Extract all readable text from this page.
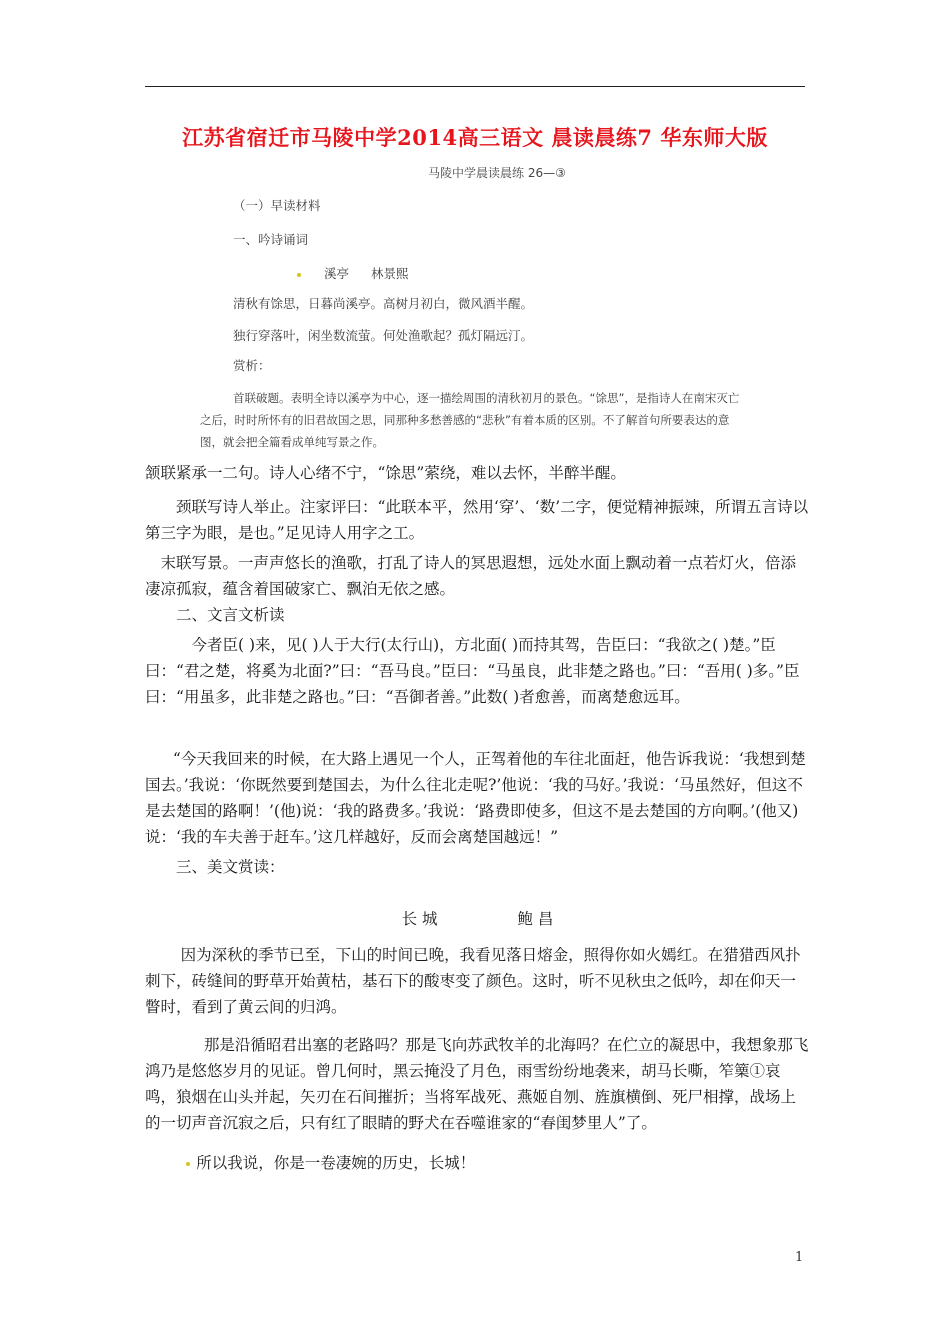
江苏省宿迁市马陵中学2014高三语文 晨读晨练7 华东师大版
马陵中学晨读晨练 26—③
（一）早读材料
一、吟诗诵词
溪亭 林景熙
清秋有馀思，日暮尚溪亭。高树月初白，微风酒半醒。
独行穿落叶，闲坐数流萤。何处渔歌起？孤灯隔远汀。
赏析：
首联破题。表明全诗以溪亭为中心，逐一描绘周围的清秋初月的景色。“馀思”，是指诗人在南宋灭亡
之后，时时所怀有的旧君故国之思，同那种多愁善感的“悲秋”有着本质的区别。不了解首句所要表达的意
图，就会把全篇看成单纯写景之作。

颔联紧承一二句。诗人心绪不宁，“馀思”萦绕，难以去怀，半醉半醒。

颈联写诗人举止。注家评曰：“此联本平，然用‘穿’、‘数’二字，便觉精神振竦，所谓五言诗以第三字为眼，是也。”足见诗人用字之工。

末联写景。一声声悠长的渔歌，打乱了诗人的冥思遐想，远处水面上飘动着一点若灯火，倍添凄凉孤寂，蕴含着国破家亡、飘泊无依之感。

二、文言文析读

今者臣( )来，见( )人于大行(太行山)，方北面( )而持其驾，告臣曰：“我欲之( )楚。”臣曰：“君之楚，将奚为北面?”曰：“吾马良。”臣曰：“马虽良，此非楚之路也。”曰：“吾用( )多。”臣曰：“用虽多，此非楚之路也。”曰：“吾御者善。”此数( )者愈善，而离楚愈远耳。

“今天我回来的时候，在大路上遇见一个人，正驾着他的车往北面赶，他告诉我说：‘我想到楚国去。’我说：‘你既然要到楚国去，为什么往北走呢?’他说：‘我的马好。’我说：‘马虽然好，但这不是去楚国的路啊！’(他)说：‘我的路费多。’我说：‘路费即使多，但这不是去楚国的方向啊。’(他又)说：‘我的车夫善于赶车。’这几样越好，反而会离楚国越远！”

三、美文赏读：

长 城	鲍 昌

因为深秋的季节已至，下山的时间已晚，我看见落日熔金，照得你如火嫣红。在猎猎西风扑刺下，砖缝间的野草开始黄枯，基石下的酸枣变了颜色。这时，听不见秋虫之低吟，却在仰天一瞥时，看到了黄云间的归鸿。

那是沿循昭君出塞的老路吗？那是飞向苏武牧羊的北海吗？在伫立的凝思中，我想象那飞鸿乃是悠悠岁月的见证。曾几何时，黑云掩没了月色，雨雪纷纷地袭来，胡马长嘶，笮篥①哀鸣，狼烟在山头并起，矢刃在石间摧折；当将军战死、燕姬自刎、旌旗横倒、死尸相撑，战场上的一切声音沉寂之后，只有红了眼睛的野犬在吞噬谁家的“春闺梦里人”了。

所以我说，你是一卷凄婉的历史，长城！

1
